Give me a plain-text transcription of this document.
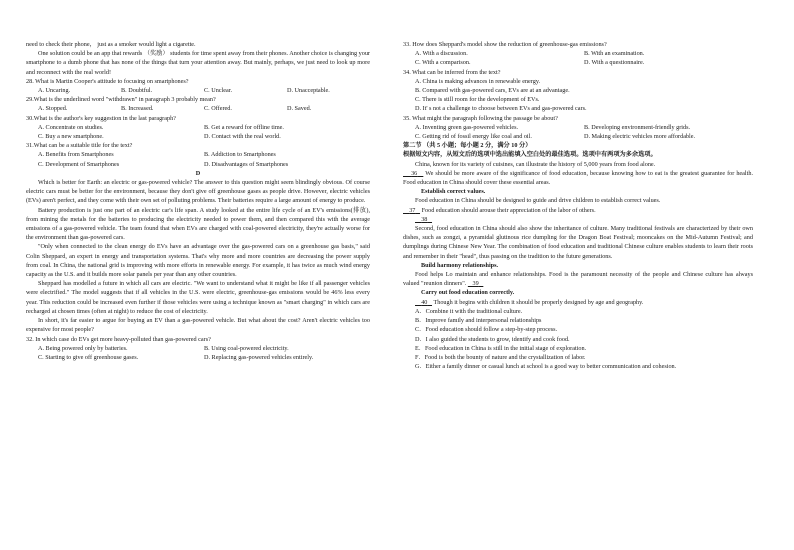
need to check their phone， just as a smoker would light a cigarette.

One solution could be an app that rewards （奖励） students for time spent away from their phones. Another choice is changing your smartphone to a dumb phone that has none of the things that turn your attention away. But mainly, perhaps, we just need to look up more and reconnect with the real world!

28. What is Martin Cooper's attitude to focusing on smartphones?

A. Uncaring.	B. Doubtful.	C. Unclear.	D. Unacceptable.

29.What is the underlined word "withdrawn" in paragraph 3 probably mean?

A. Stopped.	B. Increased.	C. Offered.	D. Saved.

30.What is the author's key suggestion in the last paragraph?

A. Concentrate on studies.	B. Get a reward for offline time.
C. Buy a new smartphone.	D. Contact with the real world.

31.What can be a suitable title for the text?

A. Benefits from Smartphones	B. Addiction to Smartphones
C. Development of Smartphones	D. Disadvantages of Smartphones

D

Which is better for Earth: an electric or gas-powered vehicle? The answer to this question might seem blindingly obvious. Of course electric cars must be better for the environment, because they don't give off greenhouse gases as people drive. However, electric vehicles (EVs) aren't perfect, and they come with their own set of polluting problems. Their batteries require a large amount of energy to produce.

Battery production is just one part of an electric car's life span. A study looked at the entire life cycle of an EV's emissions(排放), from mining the metals for the batteries to producing the electricity needed to power them, and then compared this with the average emissions of a gas-powered vehicle. The team found that when EVs are charged with coal-powered electricity, they're actually worse for the environment than gas-powered cars.

"Only when connected to the clean energy do EVs have an advantage over the gas-powered cars on a greenhouse gas basis," said Colin Sheppard, an expert in energy and transportation systems. That's why more and more countries are decreasing the power supply from coal. In China, the national grid is improving with more efforts in renewable energy. For example, it has twice as much wind energy capacity as the U.S. and it builds more solar panels per year than any other countries.

Sheppard has modelled a future in which all cars are electric. "We want to understand what it might be like if all passenger vehicles were electrified." The model suggests that if all vehicles in the U.S. were electric, greenhouse-gas emissions would be 46% less every year. This reduction could be increased even further if those vehicles were using a technique known as "smart charging" in which cars are recharged at chosen times (often at night) to reduce the cost of electricity.

In short, it's far easier to argue for buying an EV than a gas-powered vehicle. But what about the cost? Aren't electric vehicles too expensive for most people?

32. In which case do EVs get more heavy-polluted than gas-powered cars?

A. Being powered only by batteries.	B. Using coal-powered electricity.
C. Starting to give off greenhouse gases.	D. Replacing gas-powered vehicles entirely.

33. How does Sheppard's model show the reduction of greenhouse-gas emissions?

A. With a discussion.	B. With an examination.
C. With a comparison.	D. With a questionnaire.

34. What can be inferred from the text?

A. China is making advances in renewable energy.

B. Compared with gas-powered cars, EVs are at an advantage.

C. There is still room for the development of EVs.

D. It' s not a challenge to choose between EVs and gas-powered cars.

35. What might the paragraph following the passage be about?

A. Inventing green gas-powered vehicles.	B. Developing environment-friendly grids.
C. Getting rid of fossil energy like coal and oil.	D. Making electric vehicles more affordable.

第二节 （共 5 小题；每小题 2 分，满分 10 分）

根据短文内容，从短文后的选项中选出能填入空白处的最佳选项。选项中有两项为多余选项。

China, known for its variety of cuisines, can illustrate the history of 5,000 years from food alone.

36    We should be more aware of the significance of food education, because knowing how to eat is the greatest guarantee for health. Food education in China should cover these essential areas.

Establish correct values.

Food education in China should be designed to guide and drive children to establish correct values.

37    Food education should arouse their appreciation of the labor of others.

38

Second, food education in China should also show the inheritance of culture. Many traditional festivals are characterized by their own dishes, such as zongzi, a pyramidal glutinous rice dumpling for the Dragon Boat Festival; mooncakes on the Mid-Autumn Festival; and dumplings during Chinese New Year. The combination of food education and traditional Chinese culture enables students to learn their roots and remember in their "head", thus passing on the tradition to the future generations.

Build harmony relationships.

Food helps Lo maintain and enhance relationships. Food is the paramount necessity of the people and Chinese culture has always valued "reunion dinners". 39

Carry out food education correctly.

40    Though it begins with children it should be properly designed by age and geography.

A．Combine it with the traditional culture.

B．Improve family and interpersonal relationships

C．Food education should follow a step-by-step process.

D．I also guided the students to grow, identify and cook food.

E．Food education in China is still in the initial stage of exploration.

F．Food is both the bounty of nature and the crystallization of labor.

G．Either a family dinner or casual lunch at school is a good way to better communication and cohesion.
